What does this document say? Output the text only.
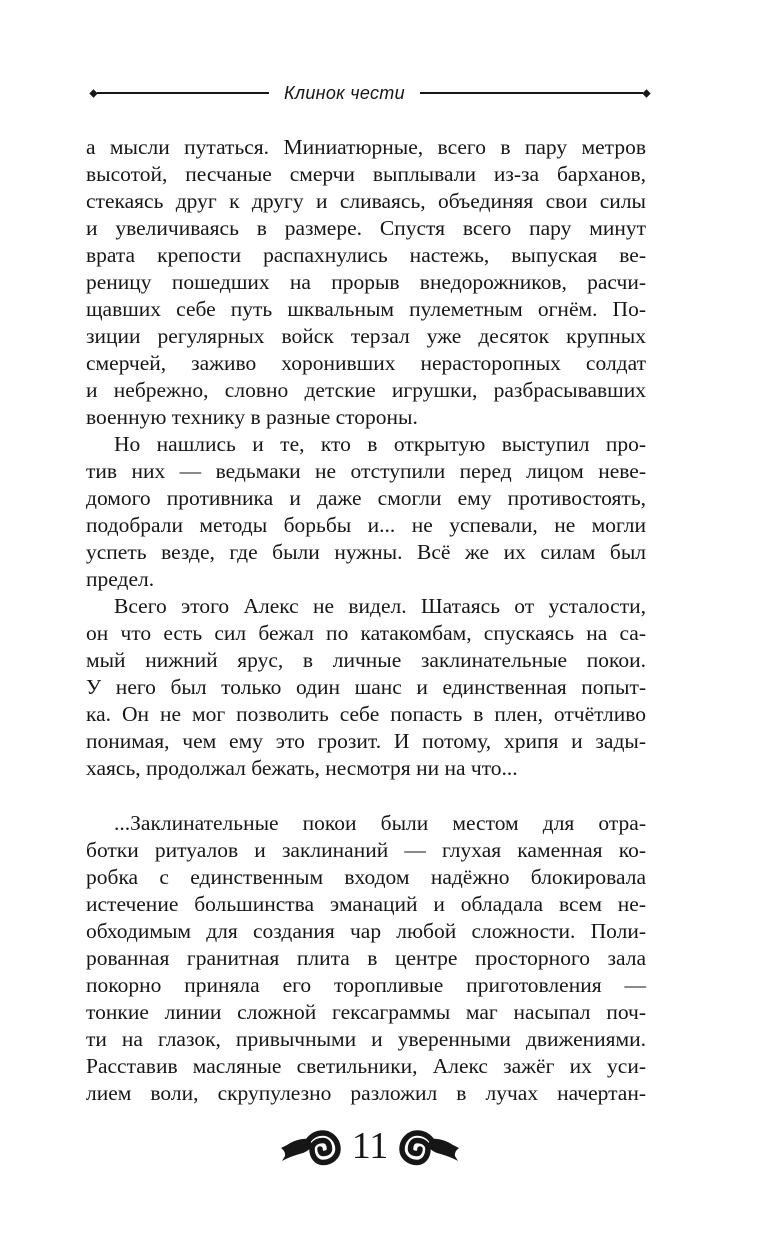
Клинок чести
а мысли путаться. Миниатюрные, всего в пару метров
высотой, песчаные смерчи выплывали из-за барханов,
стекаясь друг к другу и сливаясь, объединяя свои силы
и увеличиваясь в размере. Спустя всего пару минут
врата крепости распахнулись настежь, выпуская ве-
реницу пошедших на прорыв внедорожников, расчи-
щавших себе путь шквальным пулеметным огнём. По-
зиции регулярных войск терзал уже десяток крупных
смерчей, заживо хоронивших нерасторопных солдат
и небрежно, словно детские игрушки, разбрасывавших
военную технику в разные стороны.
Но нашлись и те, кто в открытую выступил про-
тив них — ведьмаки не отступили перед лицом неве-
домого противника и даже смогли ему противостоять,
подобрали методы борьбы и... не успевали, не могли
успеть везде, где были нужны. Всё же их силам был
предел.
Всего этого Алекс не видел. Шатаясь от усталости,
он что есть сил бежал по катакомбам, спускаясь на са-
мый нижний ярус, в личные заклинательные покои.
У него был только один шанс и единственная попыт-
ка. Он не мог позволить себе попасть в плен, отчётливо
понимая, чем ему это грозит. И потому, хрипя и зады-
хаясь, продолжал бежать, несмотря ни на что...
...Заклинательные покои были местом для отра-
ботки ритуалов и заклинаний — глухая каменная ко-
робка с единственным входом надёжно блокировала
истечение большинства эманаций и обладала всем не-
обходимым для создания чар любой сложности. Поли-
рованная гранитная плита в центре просторного зала
покорно приняла его торопливые приготовления —
тонкие линии сложной гексаграммы маг насыпал поч-
ти на глазок, привычными и уверенными движениями.
Расставив масляные светильники, Алекс зажёг их уси-
лием воли, скрупулезно разложил в лучах начертан-
11
